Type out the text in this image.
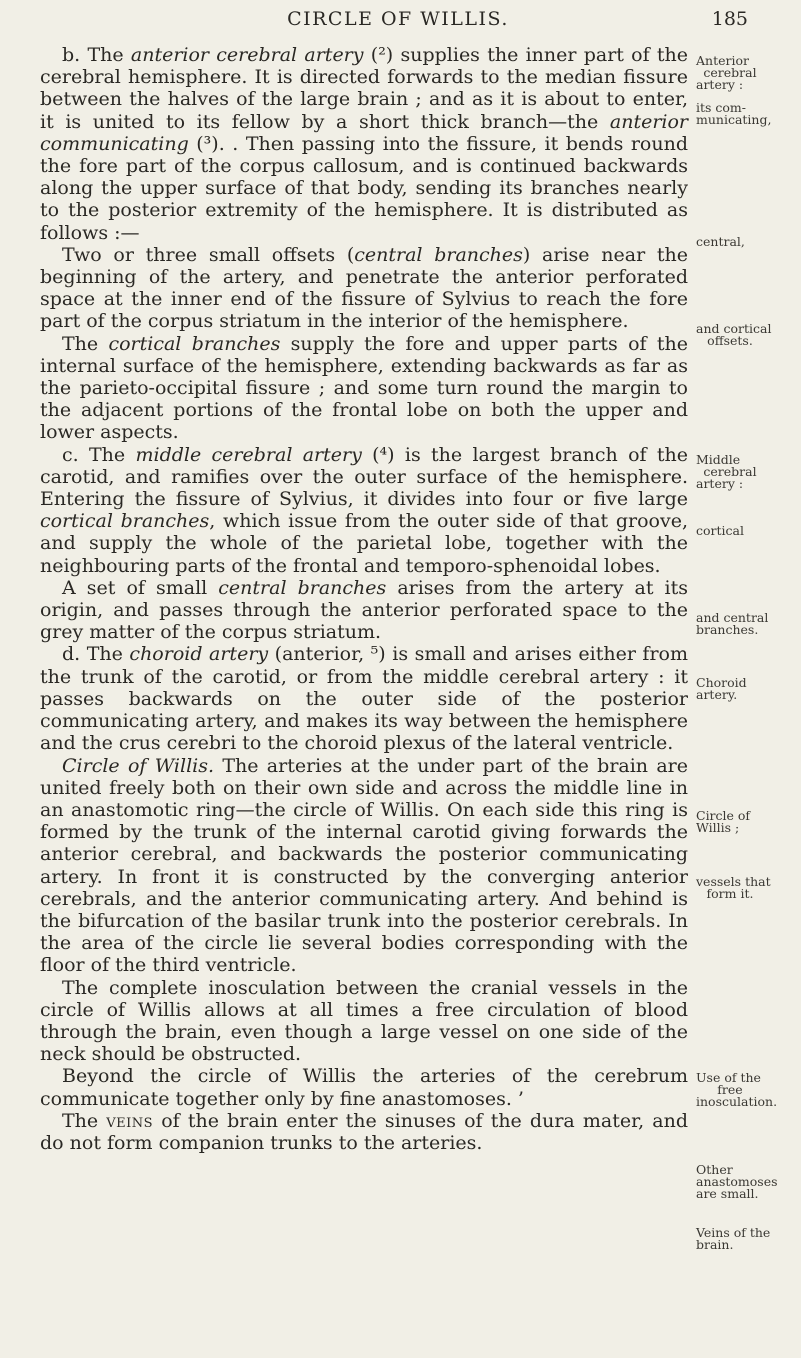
CIRCLE OF WILLIS.	185

b. The anterior cerebral artery (²) supplies the inner part of the cerebral hemisphere. It is directed forwards to the median fissure between the halves of the large brain ; and as it is about to enter, it is united to its fellow by a short thick branch—the anterior communicating (³). . Then passing into the fissure, it bends round the fore part of the corpus callosum, and is continued backwards along the upper surface of that body, sending its branches nearly to the posterior extremity of the hemisphere. It is distributed as follows :—

Two or three small offsets (central branches) arise near the beginning of the artery, and penetrate the anterior perforated space at the inner end of the fissure of Sylvius to reach the fore part of the corpus striatum in the interior of the hemisphere.

The cortical branches supply the fore and upper parts of the internal surface of the hemisphere, extending backwards as far as the parieto-occipital fissure ; and some turn round the margin to the adjacent portions of the frontal lobe on both the upper and lower aspects.

c. The middle cerebral artery (⁴) is the largest branch of the carotid, and ramifies over the outer surface of the hemisphere. Entering the fissure of Sylvius, it divides into four or five large cortical branches, which issue from the outer side of that groove, and supply the whole of the parietal lobe, together with the neighbouring parts of the frontal and temporo-sphenoidal lobes.

A set of small central branches arises from the artery at its origin, and passes through the anterior perforated space to the grey matter of the corpus striatum.

d. The choroid artery (anterior, ⁵) is small and arises either from the trunk of the carotid, or from the middle cerebral artery : it passes backwards on the outer side of the posterior communicating artery, and makes its way between the hemisphere and the crus cerebri to the choroid plexus of the lateral ventricle.

Circle of Willis. The arteries at the under part of the brain are united freely both on their own side and across the middle line in an anastomotic ring—the circle of Willis. On each side this ring is formed by the trunk of the internal carotid giving forwards the anterior cerebral, and backwards the posterior communicating artery. In front it is constructed by the converging anterior cerebrals, and the anterior communicating artery. And behind is the bifurcation of the basilar trunk into the posterior cerebrals. In the area of the circle lie several bodies corresponding with the floor of the third ventricle.

The complete inosculation between the cranial vessels in the circle of Willis allows at all times a free circulation of blood through the brain, even though a large vessel on one side of the neck should be obstructed.

Beyond the circle of Willis the arteries of the cerebrum communicate together only by fine anastomoses. ’

The veins of the brain enter the sinuses of the dura mater, and do not form companion trunks to the arteries.

Anterior

cerebral
artery :
its com-
municating,
central,
and cortical

offsets.
Middle

cerebral
artery :
cortical
and central
branches.
Choroid
artery.
Circle of
Willis ;
vessels that

form it.
Use of the

free
inosculation.
Other
anastomoses
are small.
Veins of the
brain.
